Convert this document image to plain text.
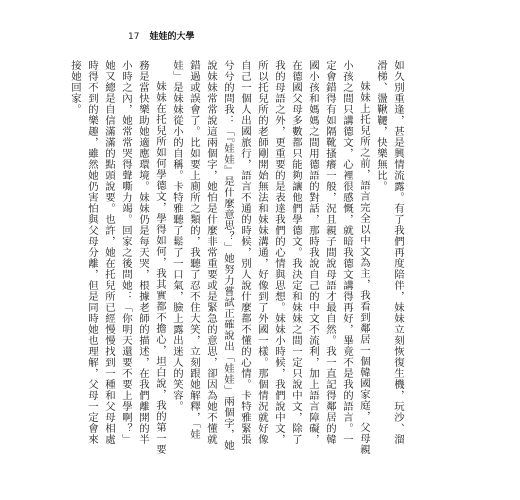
17 娃娃的大學

如久別重逢，甚是興情流露。有了我們再度陪伴，妹妹立刻恢復生機，玩沙、溜滑梯、盪鞦韆，快樂無比。

妹妹上托兒所之前，語言完全以中文為主，我看到鄰居一個韓國家庭，父母親小孩之間只講德文，心裡很感慨，就暗我德文講得再好，畢竟不是我的語言。一定會錯得有如隔靴搔癢一般，況且親子間說母語才最自然。我一直記得鄰居的韓國小孩和媽媽之間用德語的對話，那時我說自己的中文不流利，加上語言障礙，在德國父母多數都只能夠讓他們學德文。我決定和妹妹之間一定只說中文，除了我的母語之外，更重要的是表達我們的心情與思想。妹妹小時候，我們說中文，所以托兒所的老師剛開始無法和妹妹溝通，好像到了外國一樣。那個情況就好像自己一個人出國旅行，語言不通的時候，別人說什麼都不懂的心情。卡特雅緊張兮兮的問我：「『娃娃』是什麼意思？」她努力嘗試正確說出「娃娃」兩個字，她說妹妹常常說這兩個字，她怕是什麼非常重要或是緊急的意思，卻因為她不懂就錯過或誤會了。比如要上廁所之類的，我聽了忍不住大笑，立刻跟她解釋，「娃娃」是妹妹從小的自稱。卡特雅聽了鬆了一口氣，臉上露出迷人的笑容。

妹妹在托兒所如何學德文，學得如何，我其實都不擔心，坦白說，我的第一要務是當快樂助她適應環境。妹妹仍是每天哭，根據老師的描述，在我們離開的半小時之內，她常常哭得聲嘶力竭。回家之後問她：「你明天還要不要上學啊？」她又總是自信滿滿的點頭說要。也許，她在托兒所已經慢慢找到一種和父母相處時得不到的樂趣，雖然她仍害怕與父母分離，但是同時她也理解，父母一定會來接她回家。
